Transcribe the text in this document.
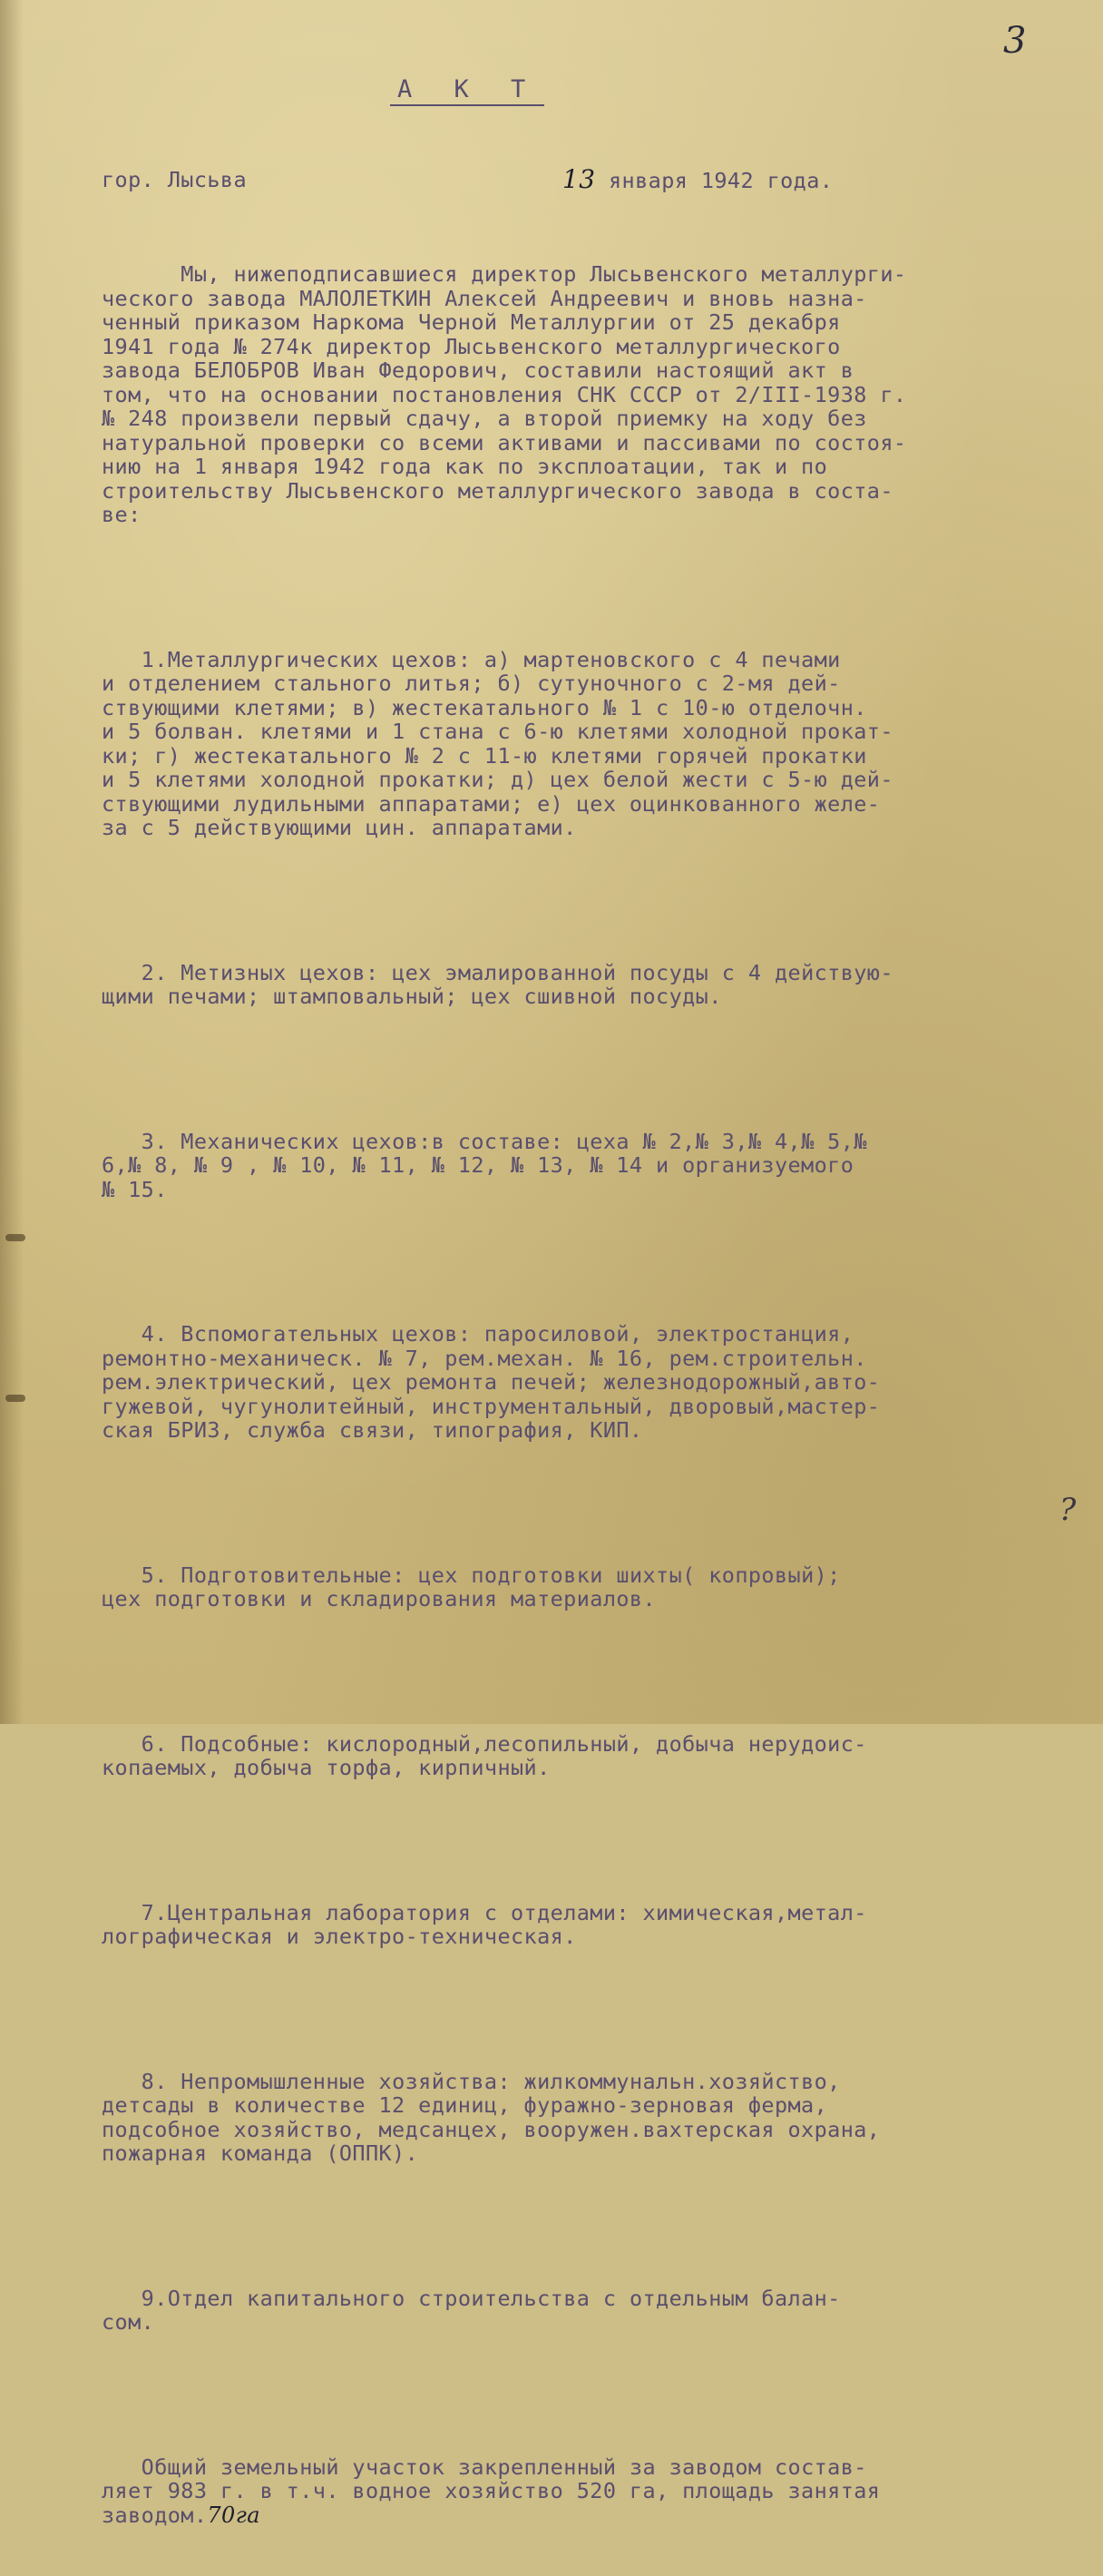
3
А К Т
гор. Лысьва	13 января 1942 года.

Мы, нижеподписавшиеся директор Лысьвенского металлурги-
ческого завода МАЛОЛЕТКИН Алексей Андреевич и вновь назна-
ченный приказом Наркома Черной Металлургии от 25 декабря
1941 года № 274к директор Лысьвенского металлургического
завода БЕЛОБРОВ Иван Федорович, составили настоящий акт в
том, что на основании постановления СНК СССР от 2/III-1938 г.
№ 248 произвели первый сдачу, а второй приемку на ходу без
натуральной проверки со всеми активами и пассивами по состоя-
нию на 1 января 1942 года как по эксплоатации, так и по
строительству Лысьвенского металлургического завода в соста-
ве:

1.Металлургических цехов: а) мартеновского с 4 печами
и отделением стального литья; б) сутуночного с 2-мя дей-
ствующими клетями; в) жестекатального № 1 с 10-ю отделочн.
и 5 болван. клетями и 1 стана с 6-ю клетями холодной прокат-
ки; г) жестекатального № 2 с 11-ю клетями горячей прокатки
и 5 клетями холодной прокатки; д) цех белой жести с 5-ю дей-
ствующими лудильными аппаратами; е) цех оцинкованного желе-
за с 5 действующими цин. аппаратами.

2. Метизных цехов: цех эмалированной посуды с 4 действую-
щими печами; штамповальный; цех сшивной посуды.

3. Механических цехов:в составе: цеха № 2,№ 3,№ 4,№ 5,№
6,№ 8, № 9 , № 10, № 11, № 12, № 13, № 14 и организуемого
№ 15.

4. Вспомогательных цехов: паросиловой, электростанция,
ремонтно-механическ. № 7, рем.механ. № 16, рем.строительн.
рем.электрический, цех ремонта печей; железнодорожный,авто-
гужевой, чугунолитейный, инструментальный, дворовый,мастер-
ская БРИЗ, служба связи, типография, КИП.

5. Подготовительные: цех подготовки шихты( копровый);
цех подготовки и складирования материалов.

6. Подсобные: кислородный,лесопильный, добыча нерудоис-
копаемых, добыча торфа, кирпичный.

7.Центральная лаборатория с отделами: химическая,метал-
лографическая и электро-техническая.

8. Непромышленные хозяйства: жилкоммунальн.хозяйство,
детсады в количестве 12 единиц, фуражно-зерновая ферма,
подсобное хозяйство, медсанцех, вооружен.вахтерская охрана,
пожарная команда (ОППК).

9.Отдел капитального строительства с отдельным балан-
сом.

Общий земельный участок закрепленный за заводом состав-
ляет 983 г. в т.ч. водное хозяйство 520 га, площадь занятая
заводом.70га

?
